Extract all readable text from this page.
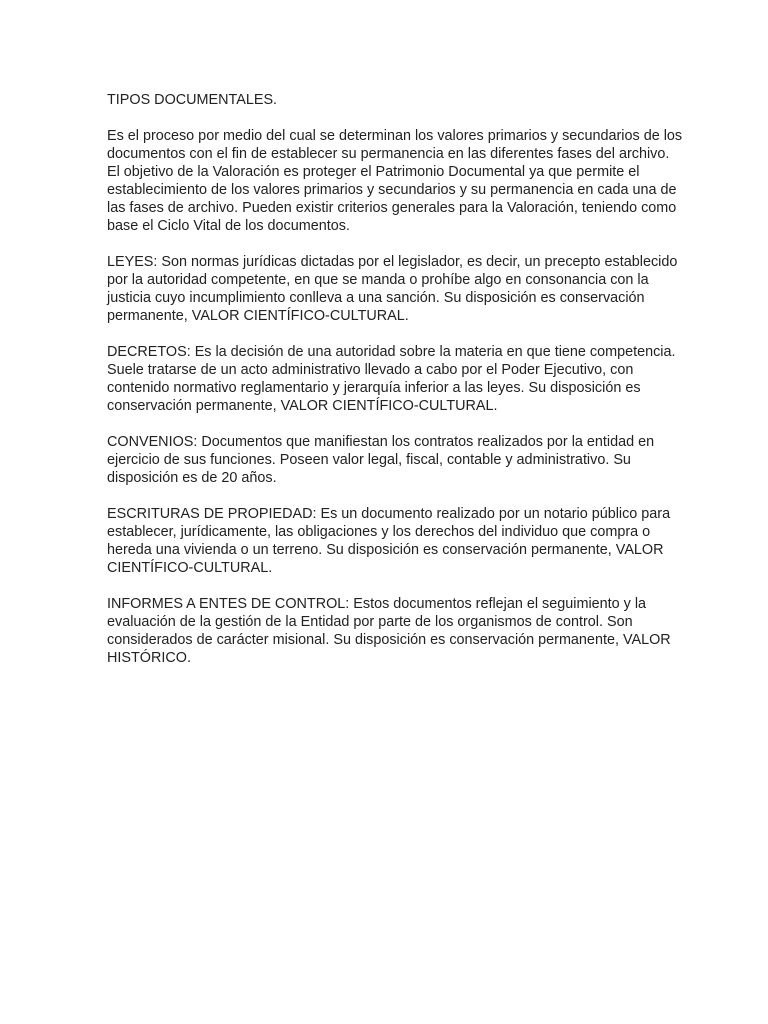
TIPOS DOCUMENTALES.
Es el proceso por medio del cual se determinan los valores primarios y secundarios de los
documentos con el fin de establecer su permanencia en las diferentes fases del archivo.
El objetivo de la Valoración es proteger el Patrimonio Documental ya que permite el
establecimiento de los valores primarios y secundarios y su permanencia en cada una de
las fases de archivo. Pueden existir criterios generales para la Valoración, teniendo como
base el Ciclo Vital de los documentos.
LEYES: Son normas jurídicas dictadas por el legislador, es decir, un precepto establecido
por la autoridad competente, en que se manda o prohíbe algo en consonancia con la
justicia cuyo incumplimiento conlleva a una sanción. Su disposición es conservación
permanente, VALOR CIENTÍFICO-CULTURAL.
DECRETOS: Es la decisión de una autoridad sobre la materia en que tiene competencia.
Suele tratarse de un acto administrativo llevado a cabo por el Poder Ejecutivo, con
contenido normativo reglamentario y jerarquía inferior a las leyes. Su disposición es
conservación permanente, VALOR CIENTÍFICO-CULTURAL.
CONVENIOS: Documentos que manifiestan los contratos realizados por la entidad en
ejercicio de sus funciones. Poseen valor legal, fiscal, contable y administrativo. Su
disposición es de 20 años.
ESCRITURAS DE PROPIEDAD: Es un documento realizado por un notario público para
establecer, jurídicamente, las obligaciones y los derechos del individuo que compra o
hereda una vivienda o un terreno. Su disposición es conservación permanente, VALOR
CIENTÍFICO-CULTURAL.
INFORMES A ENTES DE CONTROL: Estos documentos reflejan el seguimiento y la
evaluación de la gestión de la Entidad por parte de los organismos de control. Son
considerados de carácter misional. Su disposición es conservación permanente, VALOR
HISTÓRICO.
